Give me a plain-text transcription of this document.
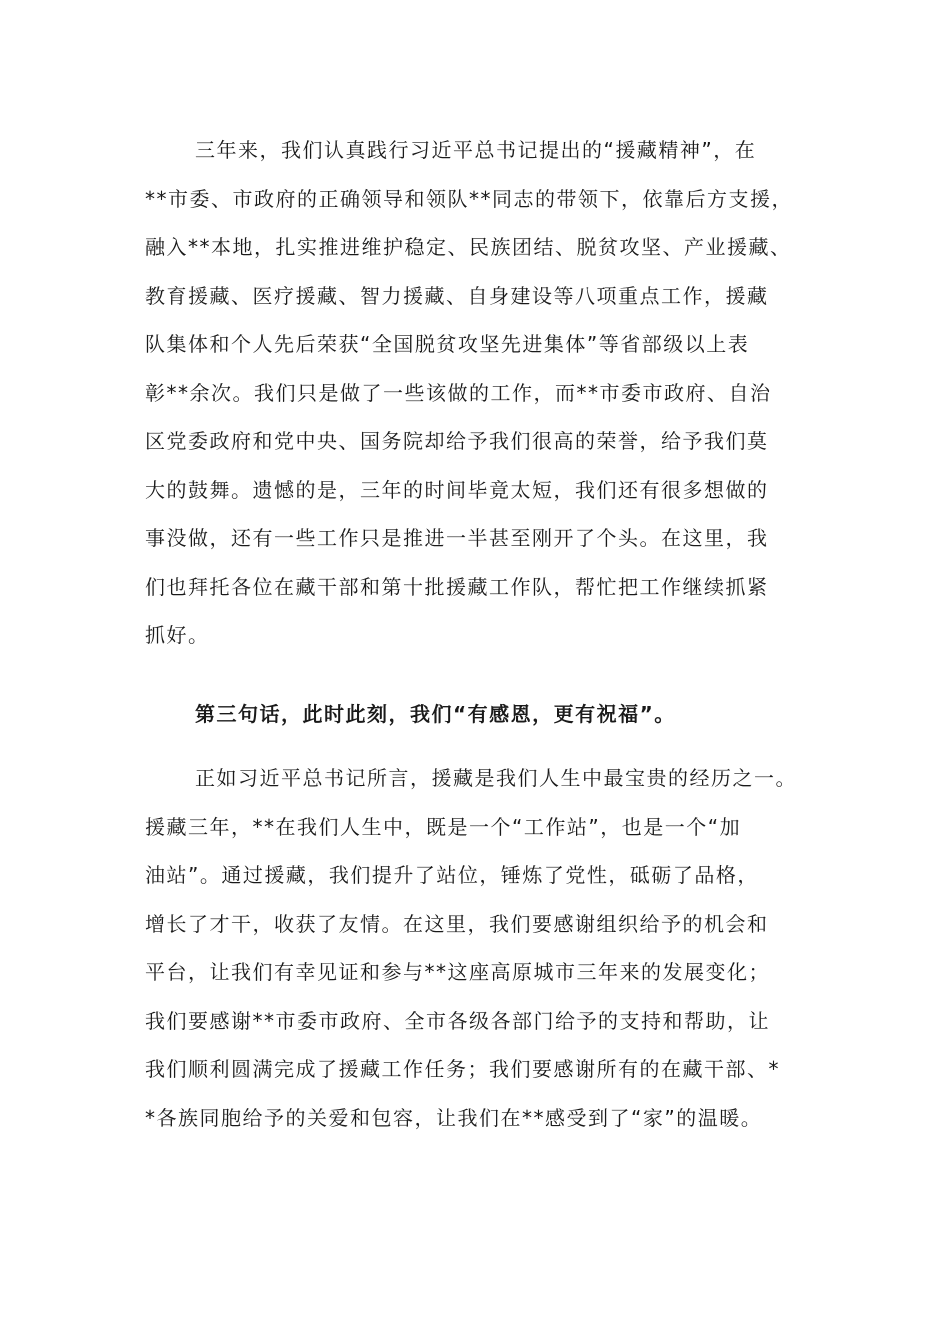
三年来，我们认真践行习近平总书记提出的“援藏精神”，在
**市委、市政府的正确领导和领队**同志的带领下，依靠后方支援，
融入**本地，扎实推进维护稳定、民族团结、脱贫攻坚、产业援藏、
教育援藏、医疗援藏、智力援藏、自身建设等八项重点工作，援藏
队集体和个人先后荣获“全国脱贫攻坚先进集体”等省部级以上表
彰**余次。我们只是做了一些该做的工作，而**市委市政府、自治
区党委政府和党中央、国务院却给予我们很高的荣誉，给予我们莫
大的鼓舞。遗憾的是，三年的时间毕竟太短，我们还有很多想做的
事没做，还有一些工作只是推进一半甚至刚开了个头。在这里，我
们也拜托各位在藏干部和第十批援藏工作队，帮忙把工作继续抓紧
抓好。
第三句话，此时此刻，我们“有感恩，更有祝福”。
正如习近平总书记所言，援藏是我们人生中最宝贵的经历之一。
援藏三年，**在我们人生中，既是一个“工作站”，也是一个“加
油站”。通过援藏，我们提升了站位，锤炼了党性，砥砺了品格，
增长了才干，收获了友情。在这里，我们要感谢组织给予的机会和
平台，让我们有幸见证和参与**这座高原城市三年来的发展变化；
我们要感谢**市委市政府、全市各级各部门给予的支持和帮助，让
我们顺利圆满完成了援藏工作任务；我们要感谢所有的在藏干部、*
*各族同胞给予的关爱和包容，让我们在**感受到了“家”的温暖。
